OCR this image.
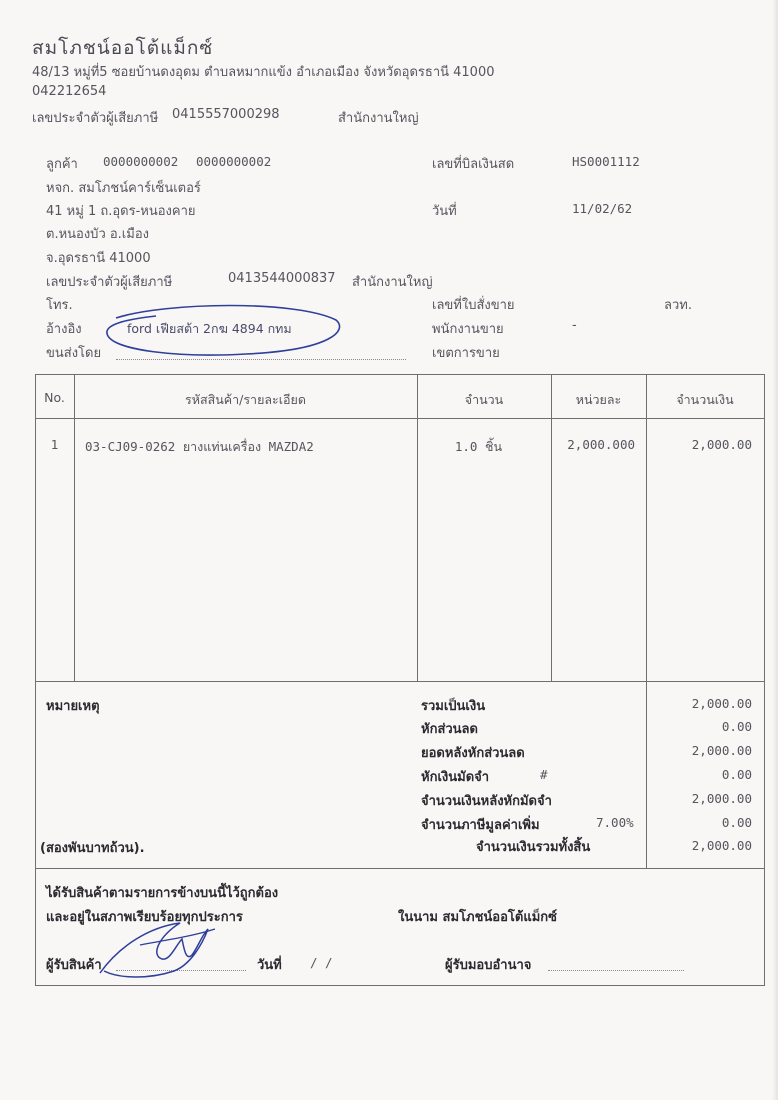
สมโภชน์ออโต้แม็กซ์
48/13 หมู่ที่5 ซอยบ้านดงอุดม ตำบลหมากแข้ง อำเภอเมือง จังหวัดอุดรธานี 41000
042212654
เลขประจำตัวผู้เสียภาษี 0415557000298	สำนักงานใหญ่
ลูกค้า 0000000002 0000000002
หจก. สมโภชน์คาร์เซ็นเตอร์
41 หมู่ 1 ถ.อุดร-หนองคาย
ต.หนองบัว อ.เมือง
จ.อุดรธานี 41000
เลขประจำตัวผู้เสียภาษี	0413544000837 สำนักงานใหญ่
โทร.
อ้างอิง	ford เฟียสต้า 2กฆ 4894 กทม
ขนส่งโดย
เลขที่บิลเงินสด	HS0001112
วันที่	11/02/62
เลขที่ใบสั่งขาย	ลวท.
พนักงานขาย	-
เขตการขาย
No.	รหัสสินค้า/รายละเอียด	จำนวน	หน่วยละ	จำนวนเงิน
1	03-CJ09-0262 ยางแท่นเครื่อง MAZDA2	1.0 ชิ้น	2,000.000	2,000.00
หมายเหตุ	รวมเป็นเงิน	2,000.00
หักส่วนลด	0.00
ยอดหลังหักส่วนลด	2,000.00
หักเงินมัดจำ	#	0.00
จำนวนเงินหลังหักมัดจำ	2,000.00
จำนวนภาษีมูลค่าเพิ่ม	7.00%	0.00
(สองพันบาทถ้วน).	จำนวนเงินรวมทั้งสิ้น	2,000.00
ได้รับสินค้าตามรายการข้างบนนี้ไว้ถูกต้อง
และอยู่ในสภาพเรียบร้อยทุกประการ	ในนาม สมโภชน์ออโต้แม็กซ์
ผู้รับสินค้า	วันที่ / /	ผู้รับมอบอำนาจ
